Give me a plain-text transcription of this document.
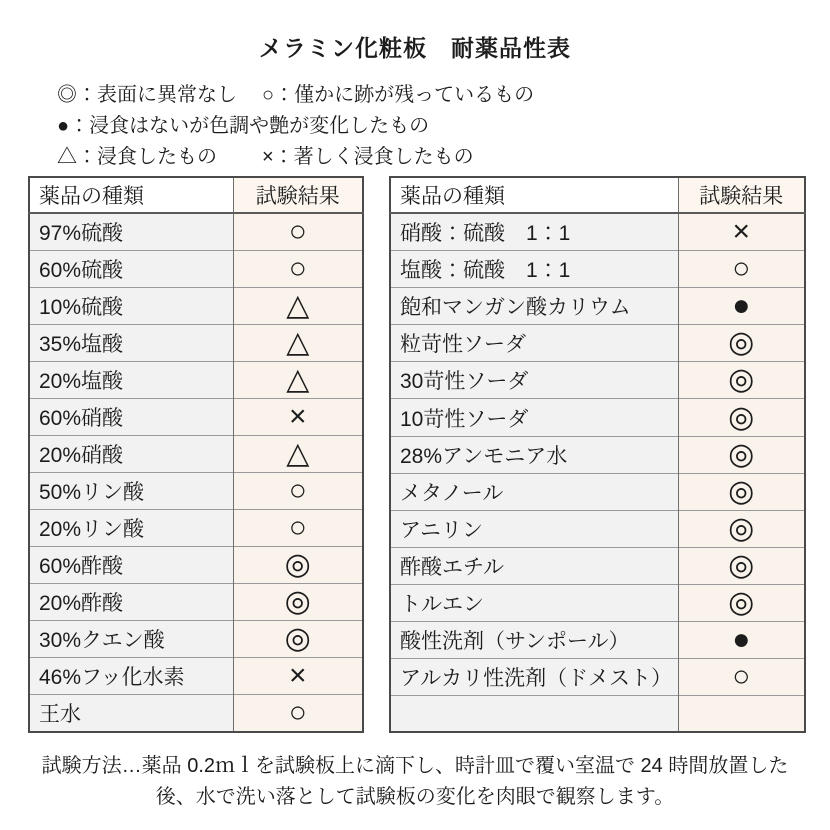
メラミン化粧板　耐薬品性表
◎：表面に異常なし	○：僅かに跡が残っているもの
●：浸食はないが色調や艶が変化したもの
△：浸食したもの	×：著しく浸食したもの
薬品の種類	試験結果
97%硫酸	○
60%硫酸	○
10%硫酸	△
35%塩酸	△
20%塩酸	△
60%硝酸	×
20%硝酸	△
50%リン酸	○
20%リン酸	○
60%酢酸	◎
20%酢酸	◎
30%クエン酸	◎
46%フッ化水素	×
王水	○
薬品の種類	試験結果
硝酸：硫酸　1：1	×
塩酸：硫酸　1：1	○
飽和マンガン酸カリウム	●
粒苛性ソーダ	◎
30苛性ソーダ	◎
10苛性ソーダ	◎
28%アンモニア水	◎
メタノール	◎
アニリン	◎
酢酸エチル	◎
トルエン	◎
酸性洗剤（サンポール）	●
アルカリ性洗剤（ドメスト）	○

試験方法…薬品 0.2ｍｌを試験板上に滴下し、時計皿で覆い室温で 24 時間放置した
後、水で洗い落として試験板の変化を肉眼で観察します。
